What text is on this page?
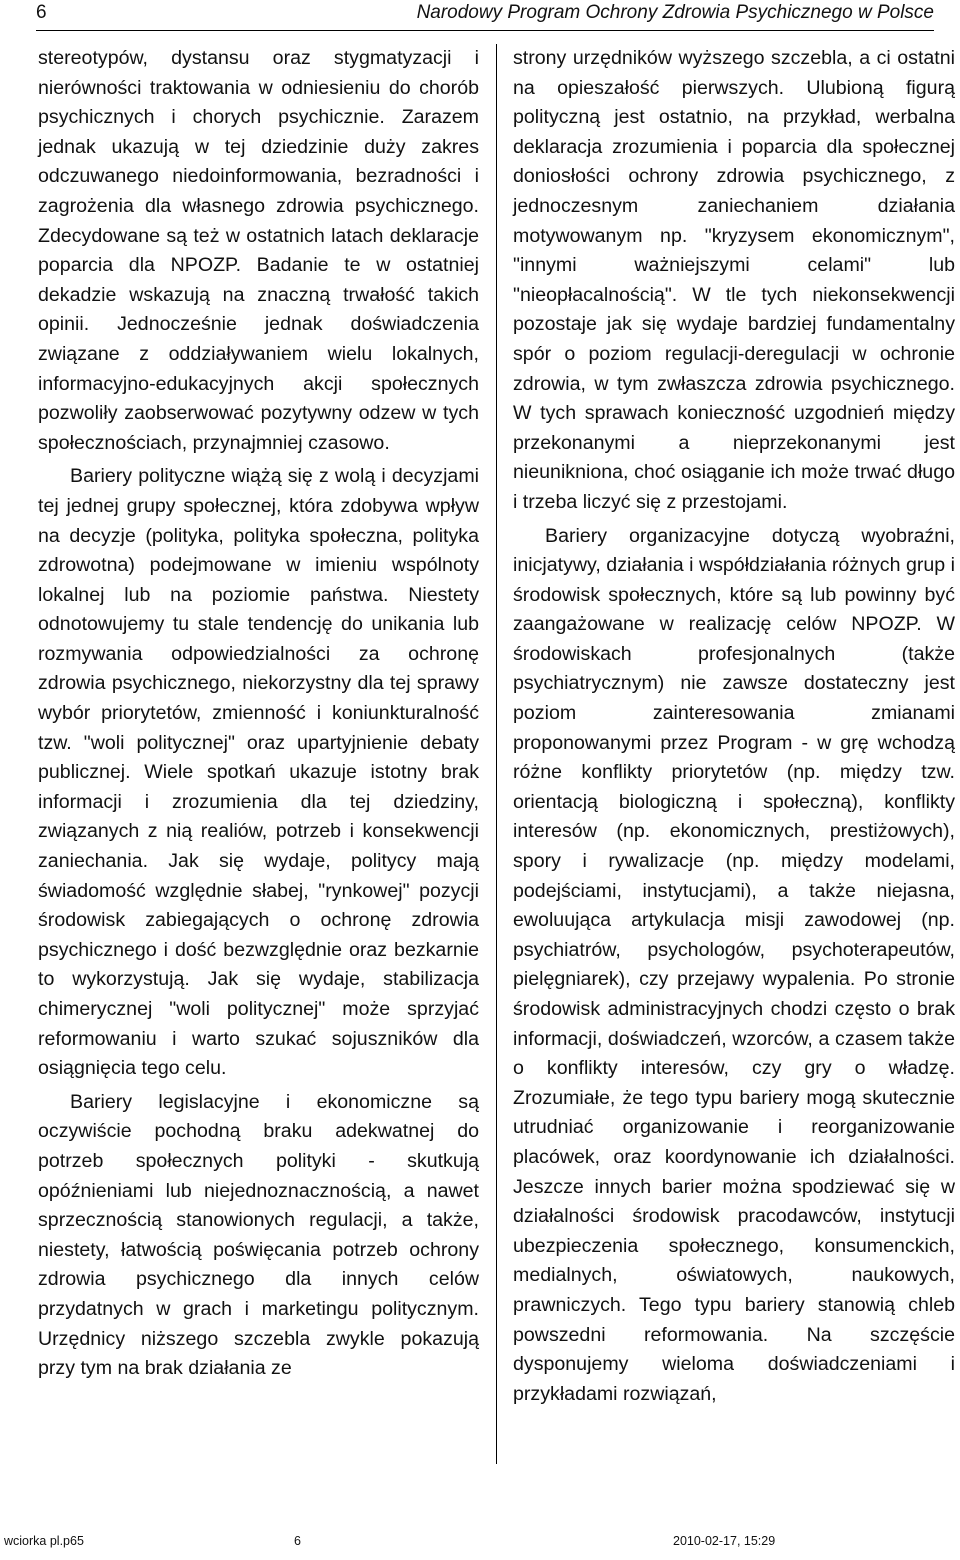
6	Narodowy Program Ochrony Zdrowia Psychicznego w Polsce

stereotypów, dystansu oraz stygmatyzacji i nierówności traktowania w odniesieniu do chorób psychicznych i chorych psychicznie. Zarazem jednak ukazują w tej dziedzinie duży zakres odczuwanego niedoinformowania, bezradności i zagrożenia dla własnego zdrowia psychicznego. Zdecydowane są też w ostatnich latach deklaracje poparcia dla NPOZP. Badanie te w ostatniej dekadzie wskazują na znaczną trwałość takich opinii. Jednocześnie jednak doświadczenia związane z oddziaływaniem wielu lokalnych, informacyjno-edukacyjnych akcji społecznych pozwoliły zaobserwować pozytywny odzew w tych społecznościach, przynajmniej czasowo.

Bariery polityczne wiążą się z wolą i decyzjami tej jednej grupy społecznej, która zdobywa wpływ na decyzje (polityka, polityka społeczna, polityka zdrowotna) podejmowane w imieniu wspólnoty lokalnej lub na poziomie państwa. Niestety odnotowujemy tu stale tendencję do unikania lub rozmywania odpowiedzialności za ochronę zdrowia psychicznego, niekorzystny dla tej sprawy wybór priorytetów, zmienność i koniunkturalność tzw. "woli politycznej" oraz upartyjnienie debaty publicznej. Wiele spotkań ukazuje istotny brak informacji i zrozumienia dla tej dziedziny, związanych z nią realiów, potrzeb i konsekwencji zaniechania. Jak się wydaje, politycy mają świadomość względnie słabej, "rynkowej" pozycji środowisk zabiegających o ochronę zdrowia psychicznego i dość bezwzględnie oraz bezkarnie to wykorzystują. Jak się wydaje, stabilizacja chimerycznej "woli politycznej" może sprzyjać reformowaniu i warto szukać sojuszników dla osiągnięcia tego celu.

Bariery legislacyjne i ekonomiczne są oczywiście pochodną braku adekwatnej do potrzeb społecznych polityki - skutkują opóźnieniami lub niejednoznacznością, a nawet sprzecznością stanowionych regulacji, a także, niestety, łatwością poświęcania potrzeb ochrony zdrowia psychicznego dla innych celów przydatnych w grach i marketingu politycznym. Urzędnicy niższego szczebla zwykle pokazują przy tym na brak działania ze

strony urzędników wyższego szczebla, a ci ostatni na opieszałość pierwszych. Ulubioną figurą polityczną jest ostatnio, na przykład, werbalna deklaracja zrozumienia i poparcia dla społecznej doniosłości ochrony zdrowia psychicznego, z jednoczesnym zaniechaniem działania motywowanym np. "kryzysem ekonomicznym", "innymi ważniejszymi celami" lub "nieopłacalnością". W tle tych niekonsekwencji pozostaje jak się wydaje bardziej fundamentalny spór o poziom regulacji-deregulacji w ochronie zdrowia, w tym zwłaszcza zdrowia psychicznego. W tych sprawach konieczność uzgodnień między przekonanymi a nieprzekonanymi jest nieunikniona, choć osiąganie ich może trwać długo i trzeba liczyć się z przestojami.

Bariery organizacyjne dotyczą wyobraźni, inicjatywy, działania i współdziałania różnych grup i środowisk społecznych, które są lub powinny być zaangażowane w realizację celów NPOZP. W środowiskach profesjonalnych (także psychiatrycznym) nie zawsze dostateczny jest poziom zainteresowania zmianami proponowanymi przez Program - w grę wchodzą różne konflikty priorytetów (np. między tzw. orientacją biologiczną i społeczną), konflikty interesów (np. ekonomicznych, prestiżowych), spory i rywalizacje (np. między modelami, podejściami, instytucjami), a także niejasna, ewoluująca artykulacja misji zawodowej (np. psychiatrów, psychologów, psychoterapeutów, pielęgniarek), czy przejawy wypalenia. Po stronie środowisk administracyjnych chodzi często o brak informacji, doświadczeń, wzorców, a czasem także o konflikty interesów, czy gry o władzę. Zrozumiałe, że tego typu bariery mogą skutecznie utrudniać organizowanie i reorganizowanie placówek, oraz koordynowanie ich działalności. Jeszcze innych barier można spodziewać się w działalności środowisk pracodawców, instytucji ubezpieczenia społecznego, konsumenckich, medialnych, oświatowych, naukowych, prawniczych. Tego typu bariery stanowią chleb powszedni reformowania. Na szczęście dysponujemy wieloma doświadczeniami i przykładami rozwiązań,

wciorka pl.p65	6	2010-02-17, 15:29
